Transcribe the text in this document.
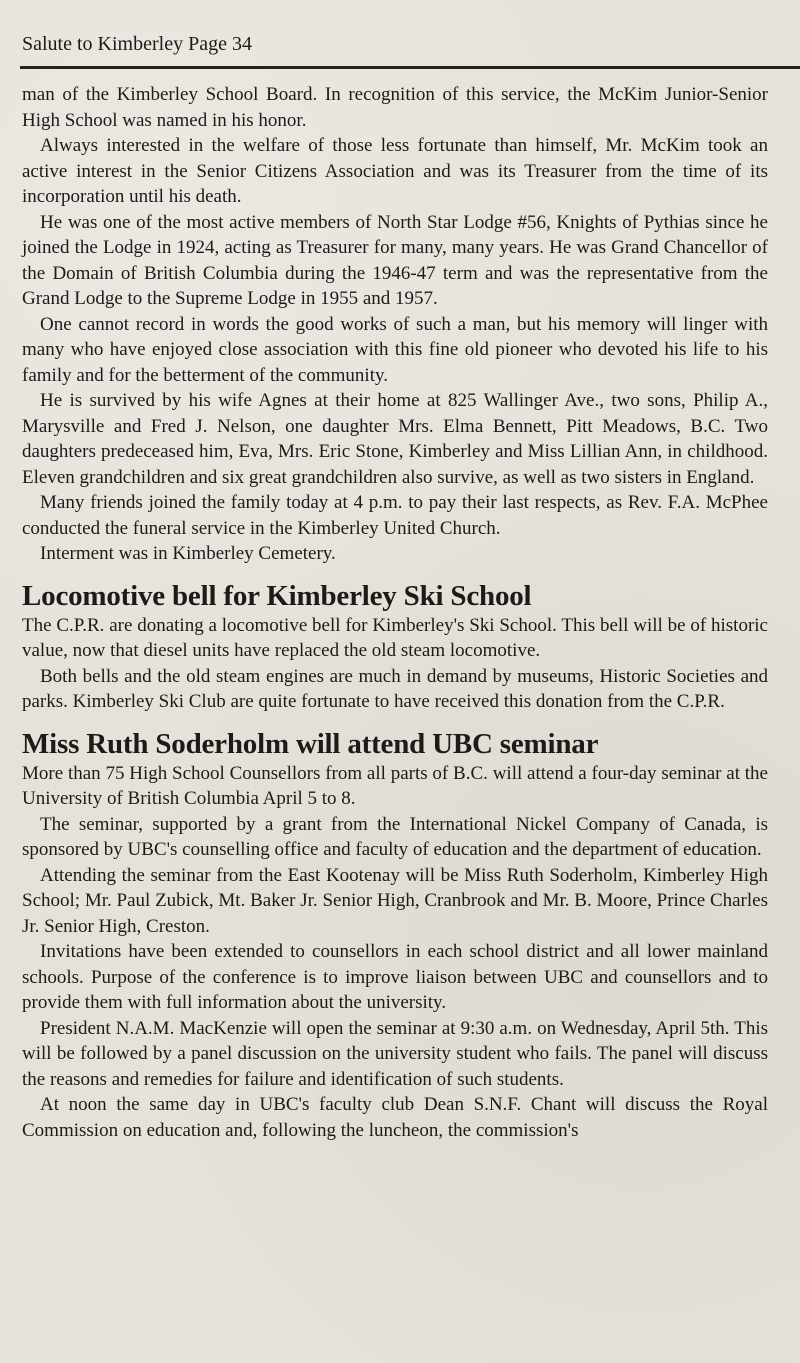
Salute to Kimberley Page 34

man of the Kimberley School Board. In recognition of this service, the McKim Junior-Senior High School was named in his honor.

Always interested in the welfare of those less fortunate than himself, Mr. McKim took an active interest in the Senior Citizens Association and was its Treasurer from the time of its incorporation until his death.

He was one of the most active members of North Star Lodge #56, Knights of Pythias since he joined the Lodge in 1924, acting as Treasurer for many, many years. He was Grand Chancellor of the Domain of British Columbia during the 1946-47 term and was the representative from the Grand Lodge to the Supreme Lodge in 1955 and 1957.

One cannot record in words the good works of such a man, but his memory will linger with many who have enjoyed close association with this fine old pioneer who devoted his life to his family and for the betterment of the community.

He is survived by his wife Agnes at their home at 825 Wallinger Ave., two sons, Philip A., Marysville and Fred J. Nelson, one daughter Mrs. Elma Bennett, Pitt Meadows, B.C. Two daughters predeceased him, Eva, Mrs. Eric Stone, Kimberley and Miss Lillian Ann, in childhood. Eleven grandchildren and six great grandchildren also survive, as well as two sisters in England.

Many friends joined the family today at 4 p.m. to pay their last respects, as Rev. F.A. McPhee conducted the funeral service in the Kimberley United Church.

Interment was in Kimberley Cemetery.

Locomotive bell for Kimberley Ski School

The C.P.R. are donating a locomotive bell for Kimberley's Ski School. This bell will be of historic value, now that diesel units have replaced the old steam locomotive.

Both bells and the old steam engines are much in demand by museums, Historic Societies and parks. Kimberley Ski Club are quite fortunate to have received this donation from the C.P.R.

Miss Ruth Soderholm will attend UBC seminar

More than 75 High School Counsellors from all parts of B.C. will attend a four-day seminar at the University of British Columbia April 5 to 8.

The seminar, supported by a grant from the International Nickel Company of Canada, is sponsored by UBC's counselling office and faculty of education and the department of education.

Attending the seminar from the East Kootenay will be Miss Ruth Soderholm, Kimberley High School; Mr. Paul Zubick, Mt. Baker Jr. Senior High, Cranbrook and Mr. B. Moore, Prince Charles Jr. Senior High, Creston.

Invitations have been extended to counsellors in each school district and all lower mainland schools. Purpose of the conference is to improve liaison between UBC and counsellors and to provide them with full information about the university.

President N.A.M. MacKenzie will open the seminar at 9:30 a.m. on Wednesday, April 5th. This will be followed by a panel discussion on the university student who fails. The panel will discuss the reasons and remedies for failure and identification of such students.

At noon the same day in UBC's faculty club Dean S.N.F. Chant will discuss the Royal Commission on education and, following the luncheon, the commission's
